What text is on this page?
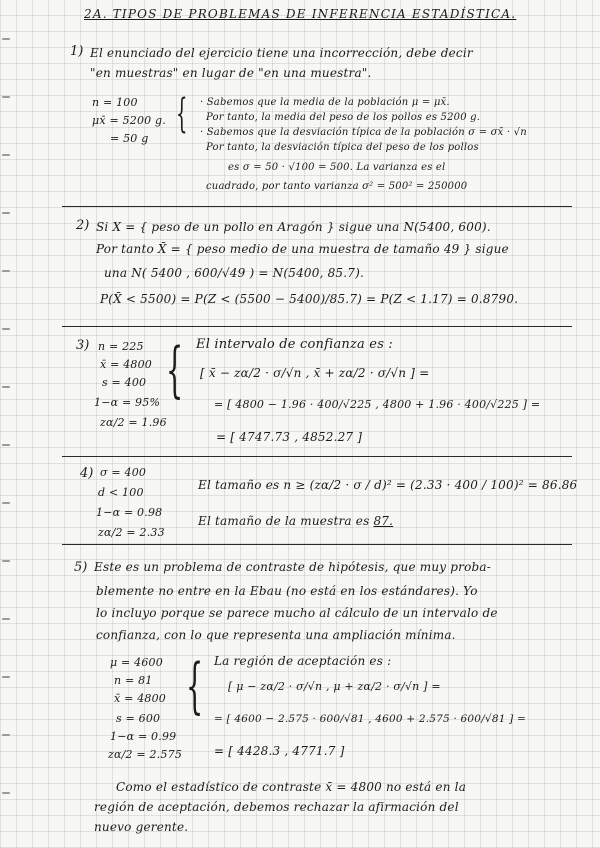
2A. TIPOS DE PROBLEMAS DE INFERENCIA ESTADÍSTICA.
1) El enunciado del ejercicio tiene una incorrección, debe decir
"en muestras" en lugar de "en una muestra".
n = 100
μx̄ = 5200 g.
= 50 g
{ · Sabemos que la media de la población μ = μx̄.
Por tanto, la media del peso de los pollos es 5200 g.
· Sabemos que la desviación típica de la población σ = σx̄ · √n
Por tanto, la desviación típica del peso de los pollos
es σ = 50 · √100 = 500. La varianza es el
cuadrado, por tanto varianza σ² = 500² = 250000
2) Si X = { peso de un pollo en Aragón } sigue una N(5400, 600).
Por tanto X̄ = { peso medio de una muestra de tamaño 49 } sigue
una N( 5400 , 600/√49 ) = N(5400, 85.7).
P(X̄ < 5500) = P(Z < (5500 − 5400)/85.7) = P(Z < 1.17) = 0.8790.
3) n = 225
x̄ = 4800
s = 400
1−α = 95%
zα/2 = 1.96
{ El intervalo de confianza es :
[ x̄ − zα/2 · σ/√n , x̄ + zα/2 · σ/√n ] =
= [ 4800 − 1.96 · 400/√225 , 4800 + 1.96 · 400/√225 ] =
= [ 4747.73 , 4852.27 ]
4) σ = 400
d < 100
1−α = 0.98
zα/2 = 2.33
El tamaño es n ≥ (zα/2 · σ / d)² = (2.33 · 400 / 100)² = 86.86
El tamaño de la muestra es 87.
5) Este es un problema de contraste de hipótesis, que muy proba-
blemente no entre en la Ebau (no está en los estándares). Yo
lo incluyo porque se parece mucho al cálculo de un intervalo de
confianza, con lo que representa una ampliación mínima.
μ = 4600
n = 81
x̄ = 4800
s = 600
1−α = 0.99
zα/2 = 2.575
{ La región de aceptación es :
[ μ − zα/2 · σ/√n , μ + zα/2 · σ/√n ] =
= [ 4600 − 2.575 · 600/√81 , 4600 + 2.575 · 600/√81 ] =
= [ 4428.3 , 4771.7 ]
Como el estadístico de contraste x̄ = 4800 no está en la
región de aceptación, debemos rechazar la afirmación del
nuevo gerente.
